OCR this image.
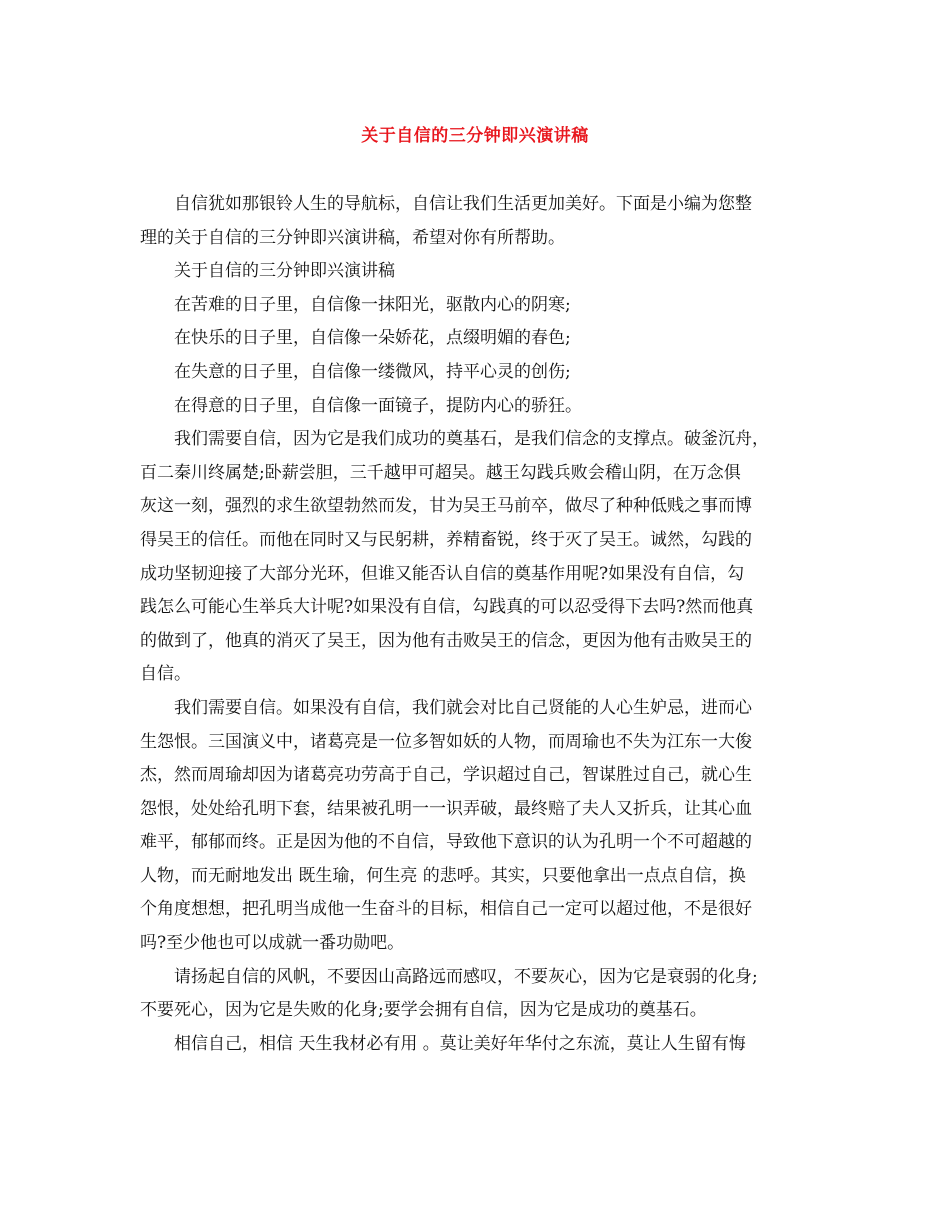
关于自信的三分钟即兴演讲稿

自信犹如那银铃人生的导航标，自信让我们生活更加美好。下面是小编为您整
理的关于自信的三分钟即兴演讲稿，希望对你有所帮助。

关于自信的三分钟即兴演讲稿

在苦难的日子里，自信像一抹阳光，驱散内心的阴寒;

在快乐的日子里，自信像一朵娇花，点缀明媚的春色;

在失意的日子里，自信像一缕微风，持平心灵的创伤;

在得意的日子里，自信像一面镜子，提防内心的骄狂。

我们需要自信，因为它是我们成功的奠基石，是我们信念的支撑点。破釜沉舟，
百二秦川终属楚;卧薪尝胆，三千越甲可超吴。越王勾践兵败会稽山阴，在万念俱
灰这一刻，强烈的求生欲望勃然而发，甘为吴王马前卒，做尽了种种低贱之事而博
得吴王的信任。而他在同时又与民躬耕，养精畜锐，终于灭了吴王。诚然，勾践的
成功坚韧迎接了大部分光环，但谁又能否认自信的奠基作用呢?如果没有自信，勾
践怎么可能心生举兵大计呢?如果没有自信，勾践真的可以忍受得下去吗?然而他真
的做到了，他真的消灭了吴王，因为他有击败吴王的信念，更因为他有击败吴王的
自信。

我们需要自信。如果没有自信，我们就会对比自己贤能的人心生妒忌，进而心
生怨恨。三国演义中，诸葛亮是一位多智如妖的人物，而周瑜也不失为江东一大俊
杰，然而周瑜却因为诸葛亮功劳高于自己，学识超过自己，智谋胜过自己，就心生
怨恨，处处给孔明下套，结果被孔明一一识弄破，最终赔了夫人又折兵，让其心血
难平，郁郁而终。正是因为他的不自信，导致他下意识的认为孔明一个不可超越的
人物，而无耐地发出 既生瑜，何生亮 的悲呼。其实，只要他拿出一点点自信，换
个角度想想，把孔明当成他一生奋斗的目标，相信自己一定可以超过他，不是很好
吗?至少他也可以成就一番功勋吧。

请扬起自信的风帆，不要因山高路远而感叹，不要灰心，因为它是衰弱的化身;
不要死心，因为它是失败的化身;要学会拥有自信，因为它是成功的奠基石。

相信自己，相信 天生我材必有用 。莫让美好年华付之东流，莫让人生留有悔
